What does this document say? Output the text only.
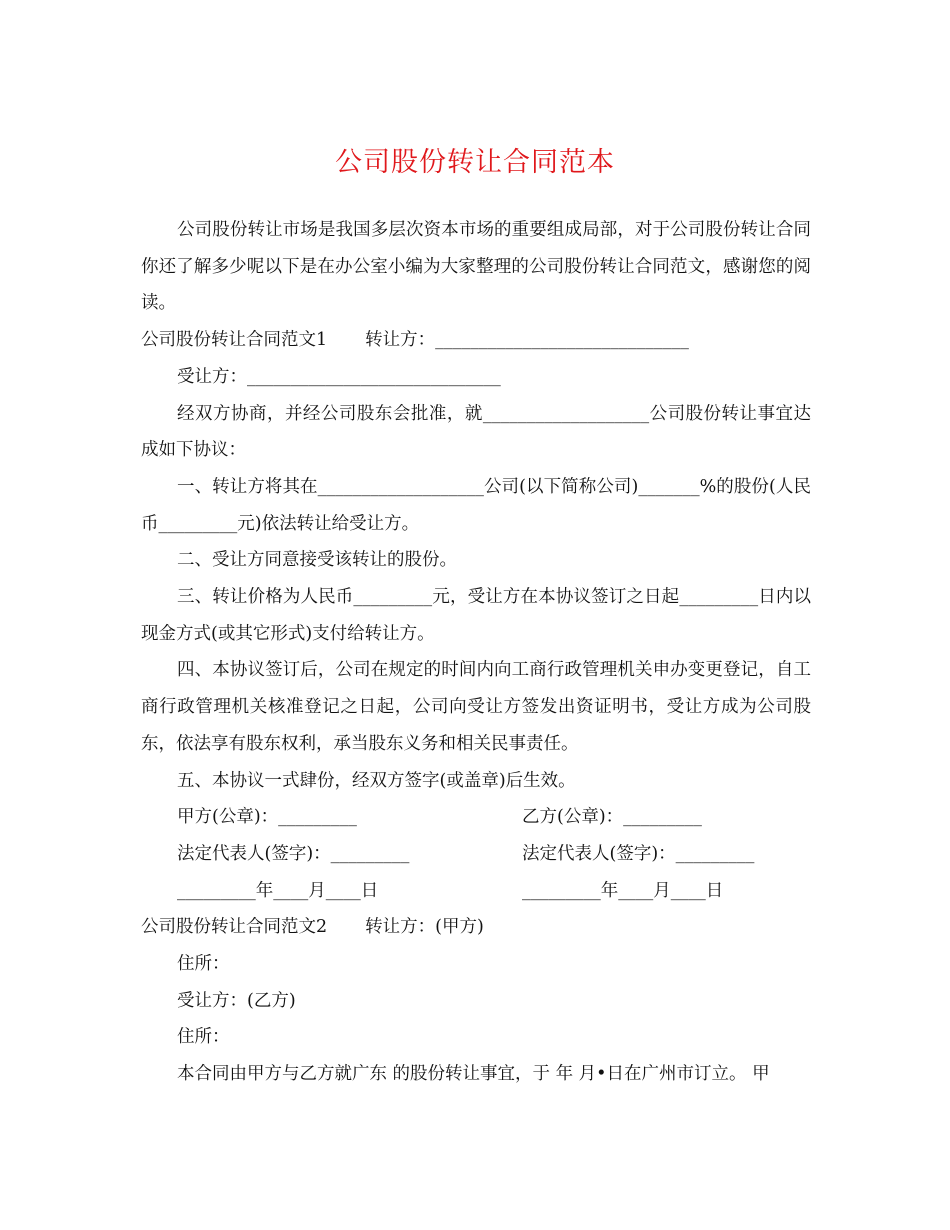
公司股份转让合同范本

公司股份转让市场是我国多层次资本市场的重要组成局部，对于公司股份转让合同你还了解多少呢以下是在办公室小编为大家整理的公司股份转让合同范文，感谢您的阅读。

公司股份转让合同范文1 转让方：_____________________________

受让方：_____________________________

经双方协商，并经公司股东会批准，就___________________公司股份转让事宜达成如下协议：

一、转让方将其在___________________公司(以下简称公司)_______%的股份(人民币_________元)依法转让给受让方。

二、受让方同意接受该转让的股份。

三、转让价格为人民币_________元，受让方在本协议签订之日起_________日内以现金方式(或其它形式)支付给转让方。

四、本协议签订后，公司在规定的时间内向工商行政管理机关申办变更登记，自工商行政管理机关核准登记之日起，公司向受让方签发出资证明书，受让方成为公司股东，依法享有股东权利，承当股东义务和相关民事责任。

五、本协议一式肆份，经双方签字(或盖章)后生效。

甲方(公章)：_________	乙方(公章)：_________
法定代表人(签字)：_________	法定代表人(签字)：_________
_________年____月____日	_________年____月____日

公司股份转让合同范文2 转让方：(甲方)

住所：

受让方：(乙方)

住所：

本合同由甲方与乙方就广东 的股份转让事宜，于 年 月•日在广州市订立。 甲
